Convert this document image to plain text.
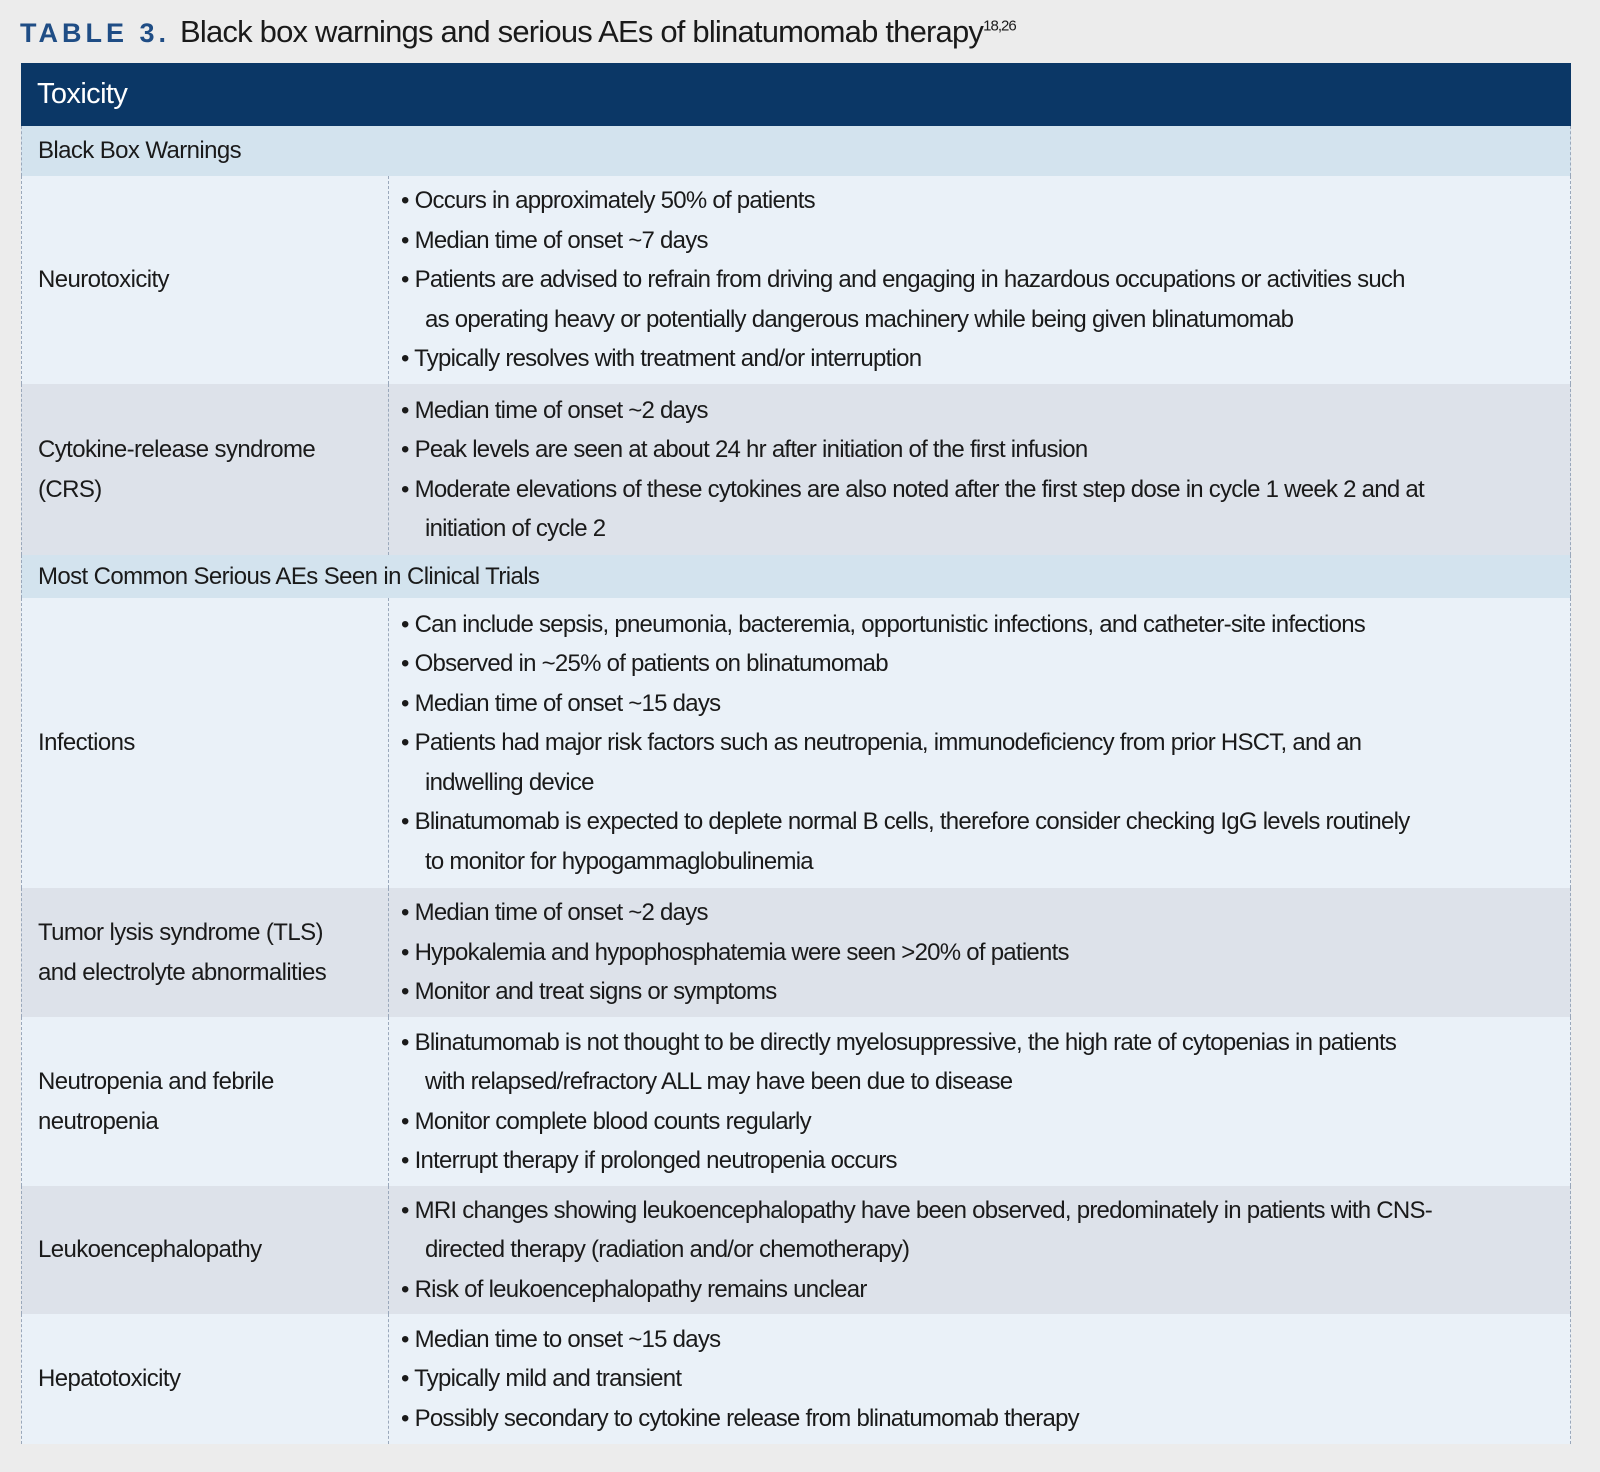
TABLE 3. Black box warnings and serious AEs of blinatumomab therapy$^{18,26}$
Toxicity
Black Box Warnings
Neurotoxicity
• Occurs in approximately 50% of patients
• Median time of onset ~7 days
• Patients are advised to refrain from driving and engaging in hazardous occupations or activities such
as operating heavy or potentially dangerous machinery while being given blinatumomab
• Typically resolves with treatment and/or interruption
Cytokine-release syndrome
(CRS)
• Median time of onset ~2 days
• Peak levels are seen at about 24 hr after initiation of the first infusion
• Moderate elevations of these cytokines are also noted after the first step dose in cycle 1 week 2 and at
initiation of cycle 2
Most Common Serious AEs Seen in Clinical Trials
Infections
• Can include sepsis, pneumonia, bacteremia, opportunistic infections, and catheter-site infections
• Observed in ~25% of patients on blinatumomab
• Median time of onset ~15 days
• Patients had major risk factors such as neutropenia, immunodeficiency from prior HSCT, and an
indwelling device
• Blinatumomab is expected to deplete normal B cells, therefore consider checking IgG levels routinely
to monitor for hypogammaglobulinemia
Tumor lysis syndrome (TLS)
and electrolyte abnormalities
• Median time of onset ~2 days
• Hypokalemia and hypophosphatemia were seen >20% of patients
• Monitor and treat signs or symptoms
Neutropenia and febrile
neutropenia
• Blinatumomab is not thought to be directly myelosuppressive, the high rate of cytopenias in patients
with relapsed/refractory ALL may have been due to disease
• Monitor complete blood counts regularly
• Interrupt therapy if prolonged neutropenia occurs
Leukoencephalopathy
• MRI changes showing leukoencephalopathy have been observed, predominately in patients with CNS-
directed therapy (radiation and/or chemotherapy)
• Risk of leukoencephalopathy remains unclear
Hepatotoxicity
• Median time to onset ~15 days
• Typically mild and transient
• Possibly secondary to cytokine release from blinatumomab therapy
